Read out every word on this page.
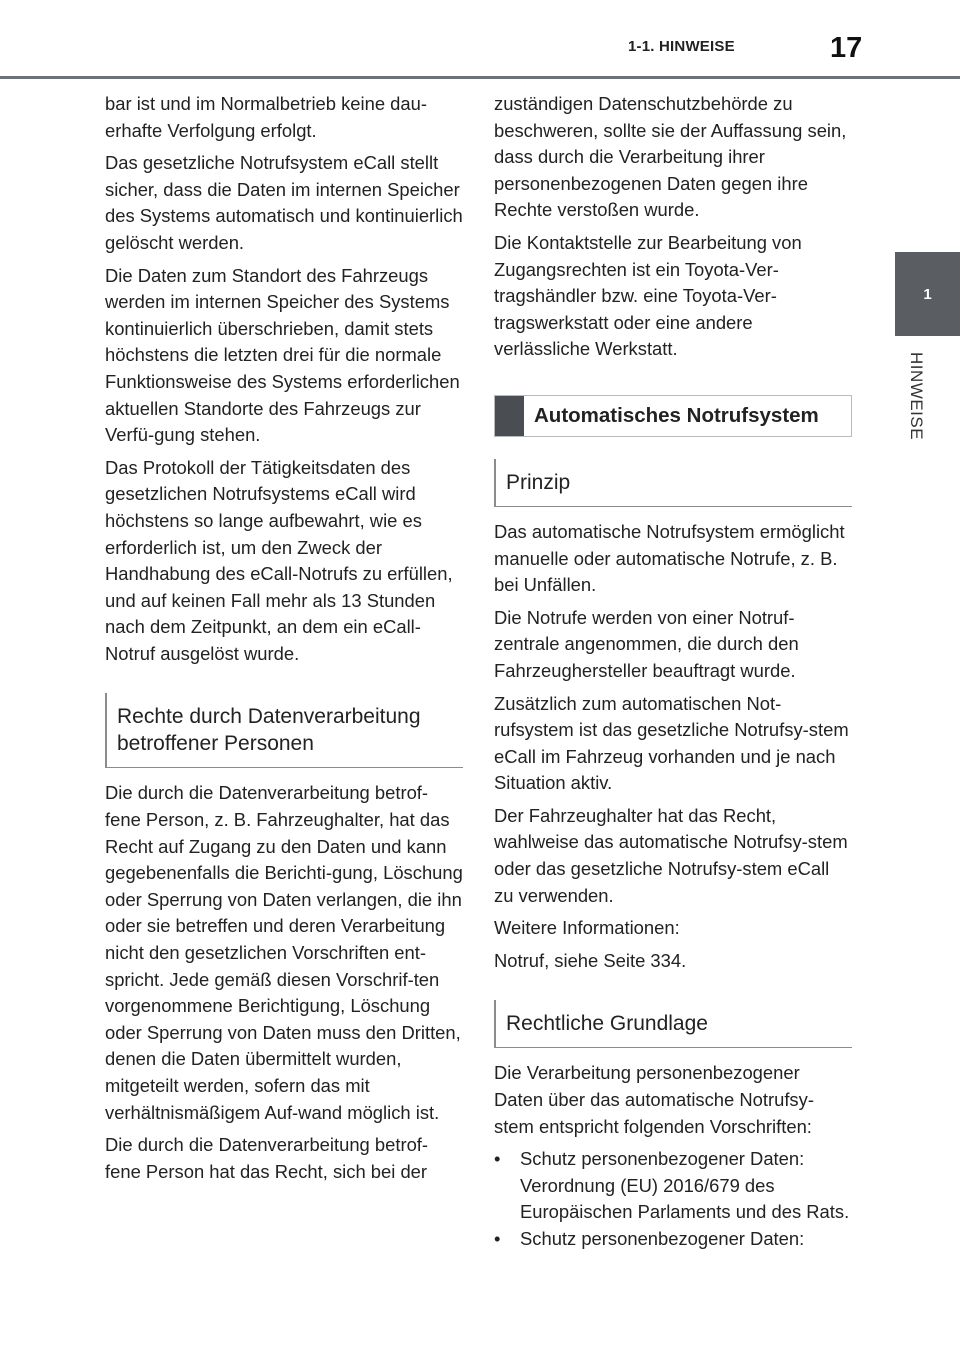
1-1. HINWEISE	17
1
HINWEISE

bar ist und im Normalbetrieb keine dau-erhafte Verfolgung erfolgt.

Das gesetzliche Notrufsystem eCall stellt sicher, dass die Daten im internen Speicher des Systems automatisch und kontinuierlich gelöscht werden.

Die Daten zum Standort des Fahrzeugs werden im internen Speicher des Systems kontinuierlich überschrieben, damit stets höchstens die letzten drei für die normale Funktionsweise des Systems erforderlichen aktuellen Standorte des Fahrzeugs zur Verfü-gung stehen.

Das Protokoll der Tätigkeitsdaten des gesetzlichen Notrufsystems eCall wird höchstens so lange aufbewahrt, wie es erforderlich ist, um den Zweck der Handhabung des eCall-Notrufs zu erfüllen, und auf keinen Fall mehr als 13 Stunden nach dem Zeitpunkt, an dem ein eCall-Notruf ausgelöst wurde.

Rechte durch Datenverarbeitung betroffener Personen

Die durch die Datenverarbeitung betrof-fene Person, z. B. Fahrzeughalter, hat das Recht auf Zugang zu den Daten und kann gegebenenfalls die Berichti-gung, Löschung oder Sperrung von Daten verlangen, die ihn oder sie betreffen und deren Verarbeitung nicht den gesetzlichen Vorschriften ent-spricht. Jede gemäß diesen Vorschrif-ten vorgenommene Berichtigung, Löschung oder Sperrung von Daten muss den Dritten, denen die Daten übermittelt wurden, mitgeteilt werden, sofern das mit verhältnismäßigem Auf-wand möglich ist.

Die durch die Datenverarbeitung betrof-fene Person hat das Recht, sich bei der

zuständigen Datenschutzbehörde zu beschweren, sollte sie der Auffassung sein, dass durch die Verarbeitung ihrer personenbezogenen Daten gegen ihre Rechte verstoßen wurde.

Die Kontaktstelle zur Bearbeitung von Zugangsrechten ist ein Toyota-Ver-tragshändler bzw. eine Toyota-Ver-tragswerkstatt oder eine andere verlässliche Werkstatt.

Automatisches Notrufsystem
Prinzip

Das automatische Notrufsystem ermöglicht manuelle oder automatische Notrufe, z. B. bei Unfällen.

Die Notrufe werden von einer Notruf-zentrale angenommen, die durch den Fahrzeughersteller beauftragt wurde.

Zusätzlich zum automatischen Not-rufsystem ist das gesetzliche Notrufsy-stem eCall im Fahrzeug vorhanden und je nach Situation aktiv.

Der Fahrzeughalter hat das Recht, wahlweise das automatische Notrufsy-stem oder das gesetzliche Notrufsy-stem eCall zu verwenden.

Weitere Informationen:

Notruf, siehe Seite 334.

Rechtliche Grundlage

Die Verarbeitung personenbezogener Daten über das automatische Notrufsy-stem entspricht folgenden Vorschriften:

• Schutz personenbezogener Daten: Verordnung (EU) 2016/679 des Europäischen Parlaments und des Rats.
• Schutz personenbezogener Daten:
